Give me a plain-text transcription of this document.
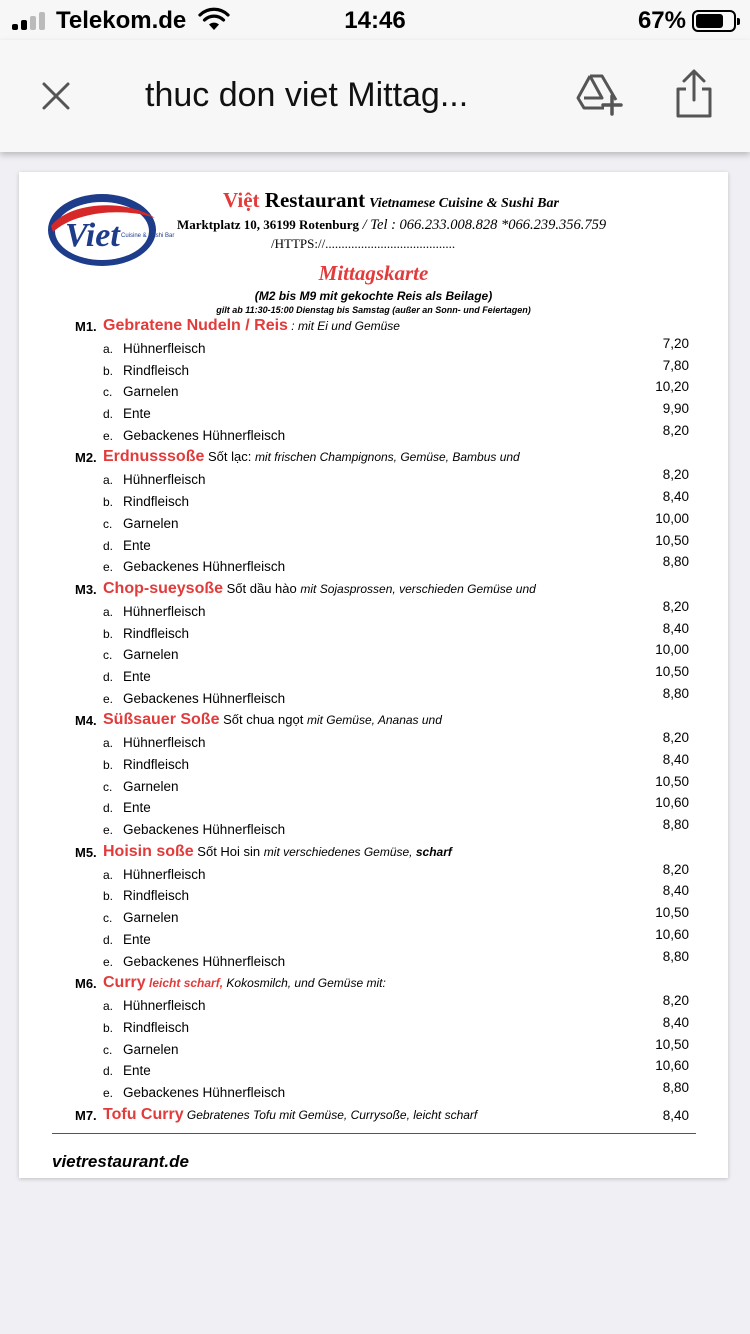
Telekom.de	14:46	67%
thuc don viet Mittag...
Viet Cuisine & Sushi Bar
Việt Restaurant Vietnamese Cuisine & Sushi Bar
Marktplatz 10, 36199 Rotenburg / Tel : 066.233.008.828 *066.239.356.759
/HTTPS://........................................
Mittagskarte
(M2 bis M9 mit gekochte Reis als Beilage)
gilt ab 11:30-15:00 Dienstag bis Samstag (außer an Sonn- und Feiertagen)
M1. Gebratene Nudeln / Reis : mit Ei und Gemüse
a. Hühnerfleisch	7,20
b. Rindfleisch	7,80
c. Garnelen	10,20
d. Ente	9,90
e. Gebackenes Hühnerfleisch	8,20
M2. Erdnusssoße Sốt lạc: mit frischen Champignons, Gemüse, Bambus und
a. Hühnerfleisch	8,20
b. Rindfleisch	8,40
c. Garnelen	10,00
d. Ente	10,50
e. Gebackenes Hühnerfleisch	8,80
M3. Chop-sueysoße Sốt dầu hào mit Sojasprossen, verschieden Gemüse und
a. Hühnerfleisch	8,20
b. Rindfleisch	8,40
c. Garnelen	10,00
d. Ente	10,50
e. Gebackenes Hühnerfleisch	8,80
M4. Süßsauer Soße Sốt chua ngọt mit Gemüse, Ananas und
a. Hühnerfleisch	8,20
b. Rindfleisch	8,40
c. Garnelen	10,50
d. Ente	10,60
e. Gebackenes Hühnerfleisch	8,80
M5. Hoisin soße Sốt Hoi sin mit verschiedenes Gemüse, scharf
a. Hühnerfleisch	8,20
b. Rindfleisch	8,40
c. Garnelen	10,50
d. Ente	10,60
e. Gebackenes Hühnerfleisch	8,80
M6. Curry leicht scharf, Kokosmilch, und Gemüse mit:
a. Hühnerfleisch	8,20
b. Rindfleisch	8,40
c. Garnelen	10,50
d. Ente	10,60
e. Gebackenes Hühnerfleisch	8,80
M7. Tofu Curry Gebratenes Tofu mit Gemüse, Currysoße, leicht scharf	8,40
vietrestaurant.de
